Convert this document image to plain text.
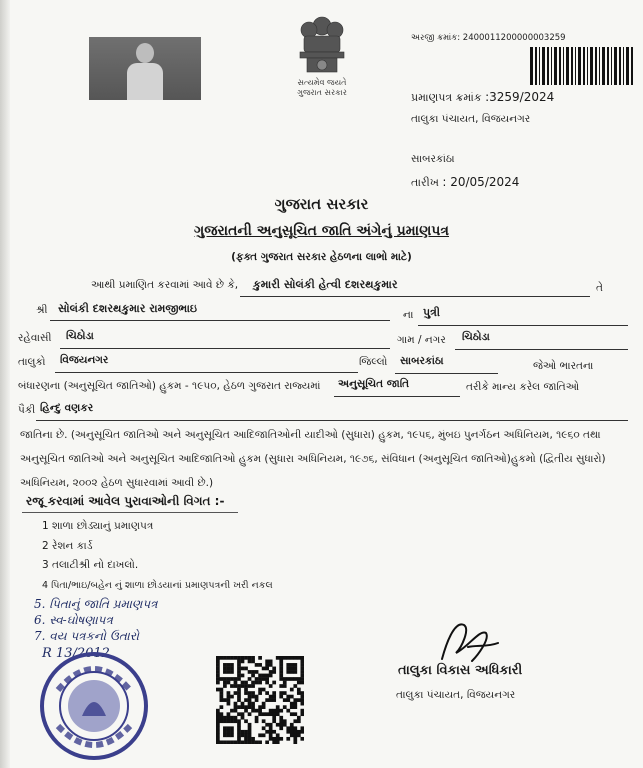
સત્યમેવ જયતે
ગુજરાત સરકાર
અરજી ક્રમાંક: 2400011200000003259
પ્રમાણપત્ર ક્રમાંક :3259/2024
તાલુકા પંચાયત, વિજયનગર
સાબરકાંઠા
તારીખ : 20/05/2024
ગુજરાત સરકાર
ગુજરાતની અનુસૂચિત જાતિ અંગેનું પ્રમાણપત્ર
(ફક્ત ગુજરાત સરકાર હેઠળના લાભો માટે)
આથી પ્રમાણિત કરવામાં આવે છે કે, કુમારી સોલંકી હેત્વી દશરથકુમાર	તે
શ્રી સોલંકી દશરથકુમાર રામજીભાઇ	ના પુત્રી
રહેવાસી ચિઠોડા	ગામ / નગર ચિઠોડા
તાલુકો વિજયનગર	જિલ્લો સાબરકાંઠા	જેઓ ભારતના
બંધારણના (અનુસૂચિત જાતિઓ) હુકમ - ૧૯૫૦, હેઠળ ગુજરાત રાજ્યમાં અનુસૂચિત જાતિ	તરીકે માન્ય કરેલ જાતિઓ
પૈકી હિન્દુ વણકર
જાતિના છે. (અનુસૂચિત જાતિઓ અને અનુસૂચિત આદિજાતિઓની યાદીઓ (સુધારા) હુકમ, ૧૯૫૬, મુંબઇ પુનર્ગઠન અધિનિયમ, ૧૯૬૦ તથા અનુસૂચિત જાતિઓ અને અનુસૂચિત આદિજાતિઓ હુકમ (સુધારા અધિનિયમ, ૧૯૭૬, સંવિધાન (અનુસૂચિત જાતિઓ)હુકમો (દ્વિતીય સુધારો) અધિનિયમ, ૨૦૦૨ હેઠળ સુધારવામાં આવી છે.)
રજૂ કરવામાં આવેલ પુરાવાઓની વિગત :-
1 શાળા છોડ્યાનું પ્રમાણપત્ર
2 રેશન કાર્ડ
3 તલાટીશ્રી નો દાખલો.
4 પિતા/ભાઇ/બહેન નું શાળા છોડયાનાં પ્રમાણપત્રની ખરી નકલ
5. પિતાનું જાતિ પ્રમાણપત્ર
6. સ્વ-ઘોષણાપત્ર
7. વય પત્રકનો ઉતારો
R 13/2012
તાલુકા વિકાસ અધિકારી
તાલુકા પંચાયત, વિજયનગર
